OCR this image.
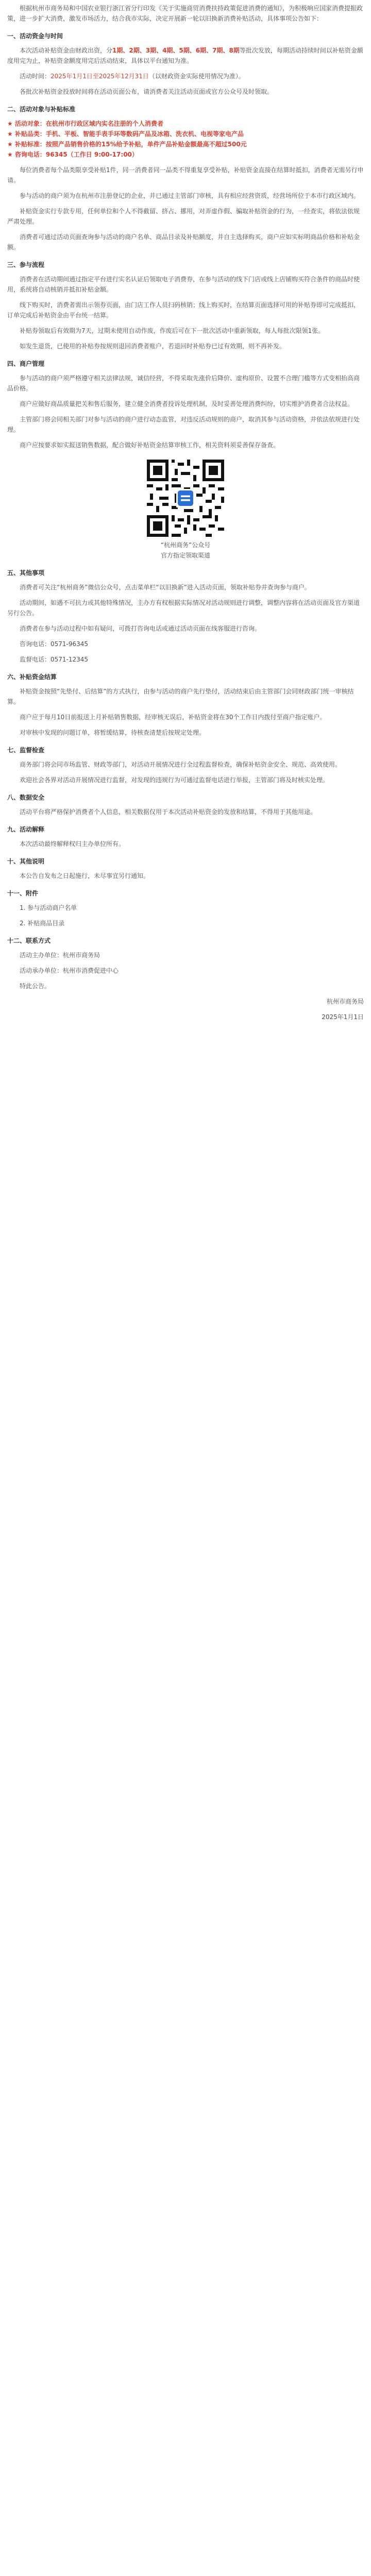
根据杭州市商务局和中国农业银行浙江省分行印发《关于实施商贸消费扶持政策促进消费的通知》，为积极响应国家消费提振政策，进一步扩大消费，激发市场活力，结合我市实际，决定开展新一轮以旧换新消费补贴活动，具体事项公告如下：

一、活动资金与时间

本次活动补贴资金由财政出资，分1期、2期、3期、4期、5期、6期、7期、8期等批次发放，每期活动持续时间以补贴资金额度用完为止，补贴资金额度用完后活动结束，具体以平台通知为准。

活动时间：2025年1月1日至2025年12月31日（以财政资金实际使用情况为准）。

各批次补贴资金投放时间将在活动页面公布，请消费者关注活动页面或官方公众号及时领取。

二、活动对象与补贴标准

★ 活动对象：在杭州市行政区域内实名注册的个人消费者
★ 补贴品类：手机、平板、智能手表手环等数码产品及冰箱、洗衣机、电视等家电产品
★ 补贴标准：按照产品销售价格的15%给予补贴，单件产品补贴金额最高不超过500元
★ 咨询电话：96345（工作日 9:00-17:00）

每位消费者每个品类限享受补贴1件，同一消费者同一品类不得重复享受补贴，补贴资金直接在结算时抵扣，消费者无需另行申请。

参与活动的商户须为在杭州市注册登记的企业，并已通过主管部门审核，具有相应经营资质，经营场所位于本市行政区域内。

补贴资金实行专款专用，任何单位和个人不得截留、挤占、挪用，对弄虚作假、骗取补贴资金的行为，一经查实，将依法依规严肃处理。

消费者可通过活动页面查询参与活动的商户名单、商品目录及补贴额度，并自主选择购买，商户应如实标明商品价格和补贴金额。

三、参与流程

消费者在活动期间通过指定平台进行实名认证后领取电子消费券，在参与活动的线下门店或线上店铺购买符合条件的商品时使用，系统将自动核销并抵扣补贴金额。

线下购买时，消费者需出示领券页面，由门店工作人员扫码核销；线上购买时，在结算页面选择可用的补贴券即可完成抵扣，订单完成后补贴资金由平台统一结算。

补贴券领取后有效期为7天，过期未使用自动作废，作废后可在下一批次活动中重新领取，每人每批次限领1张。

如发生退货，已使用的补贴券按规则退回消费者账户，若退回时补贴券已过有效期，则不再补发。

四、商户管理

参与活动的商户须严格遵守相关法律法规，诚信经营，不得采取先涨价后降价、虚构原价、设置不合理门槛等方式变相抬高商品价格。

商户应做好商品质量把关和售后服务，建立健全消费者投诉处理机制，及时妥善处理消费纠纷，切实维护消费者合法权益。

主管部门将会同相关部门对参与活动的商户进行动态监管，对违反活动规则的商户，取消其参与活动资格，并依法依规进行处理。

商户应按要求如实报送销售数据，配合做好补贴资金结算审核工作，相关资料须妥善保存备查。

“杭州商务”公众号
官方指定领取渠道

五、其他事项

消费者可关注“杭州商务”微信公众号，点击菜单栏“以旧换新”进入活动页面，领取补贴券并查询参与商户。

活动期间，如遇不可抗力或其他特殊情况，主办方有权根据实际情况对活动规则进行调整，调整内容将在活动页面及官方渠道另行公告。

消费者在参与活动过程中如有疑问，可拨打咨询电话或通过活动页面在线客服进行咨询。

咨询电话：0571-96345

监督电话：0571-12345

六、补贴资金结算

补贴资金按照“先垫付、后结算”的方式执行，由参与活动的商户先行垫付，活动结束后由主管部门会同财政部门统一审核结算。

商户应于每月10日前报送上月补贴销售数据，经审核无误后，补贴资金将在30个工作日内拨付至商户指定账户。

对审核中发现的问题订单，将暂缓结算，待核查清楚后按规定处理。

七、监督检查

商务部门将会同市场监管、财政等部门，对活动开展情况进行全过程监督检查，确保补贴资金安全、规范、高效使用。

欢迎社会各界对活动开展情况进行监督，对发现的违规行为可通过监督电话进行举报，主管部门将及时核实处理。

八、数据安全

活动平台将严格保护消费者个人信息，相关数据仅用于本次活动补贴资金的发放和结算，不得用于其他用途。

九、活动解释

本次活动最终解释权归主办单位所有。

十、其他说明

本公告自发布之日起施行，未尽事宜另行通知。

十一、附件

1. 参与活动商户名单

2. 补贴商品目录

十二、联系方式

活动主办单位：杭州市商务局

活动承办单位：杭州市消费促进中心

特此公告。

杭州市商务局

2025年1月1日
